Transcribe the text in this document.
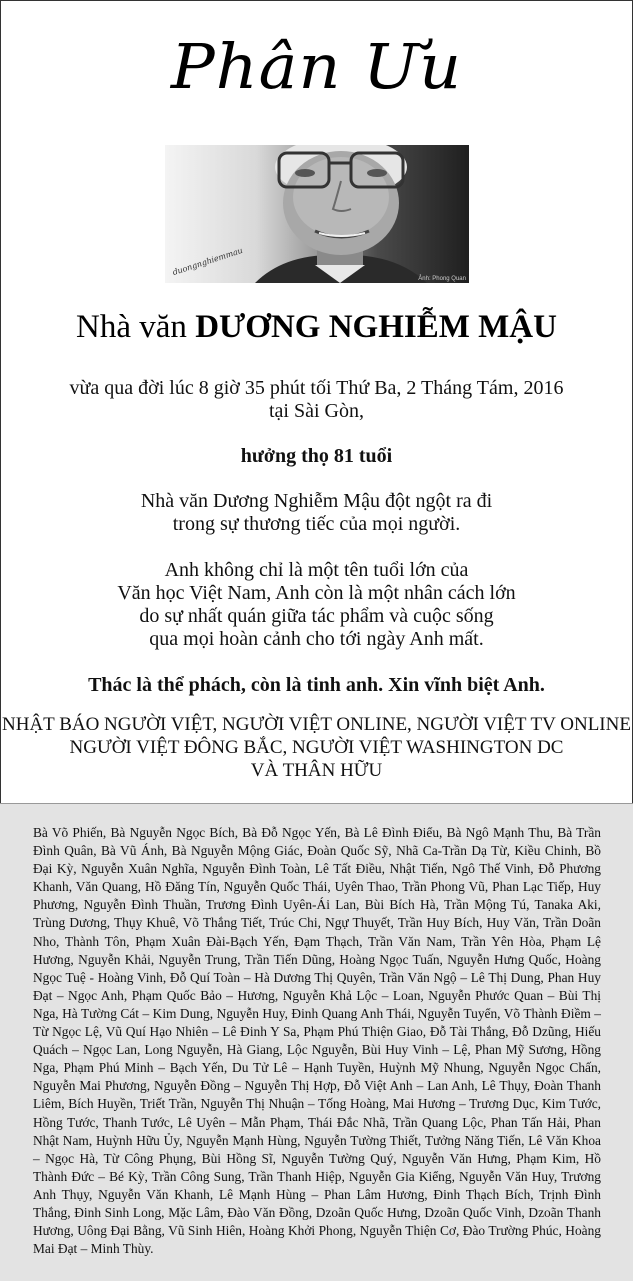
Phân Ưu
duongnghiemmau
Ảnh: Phong Quan
Nhà văn DƯƠNG NGHIỄM MẬU

vừa qua đời lúc 8 giờ 35 phút tối Thứ Ba, 2 Tháng Tám, 2016

tại Sài Gòn,

hưởng thọ 81 tuổi

Nhà văn Dương Nghiễm Mậu đột ngột ra đi

trong sự thương tiếc của mọi người.

Anh không chỉ là một tên tuổi lớn của

Văn học Việt Nam, Anh còn là một nhân cách lớn

do sự nhất quán giữa tác phẩm và cuộc sống

qua mọi hoàn cảnh cho tới ngày Anh mất.

Thác là thể phách, còn là tinh anh. Xin vĩnh biệt Anh.

NHẬT BÁO NGƯỜI VIỆT, NGƯỜI VIỆT ONLINE, NGƯỜI VIỆT TV ONLINE

NGƯỜI VIỆT ĐÔNG BẮC, NGƯỜI VIỆT WASHINGTON DC

VÀ THÂN HỮU

Bà Võ Phiến, Bà Nguyễn Ngọc Bích, Bà Đỗ Ngọc Yến, Bà Lê Đình Điểu, Bà Ngô Mạnh Thu, Bà Trần Đình Quân, Bà Vũ Ánh, Bà Nguyễn Mộng Giác, Đoàn Quốc Sỹ, Nhã Ca-Trần Dạ Từ, Kiều Chinh, Bồ Đại Kỳ, Nguyễn Xuân Nghĩa, Nguyễn Đình Toàn, Lê Tất Điều, Nhật Tiến, Ngô Thế Vinh, Đỗ Phương Khanh, Văn Quang, Hồ Đăng Tín, Nguyễn Quốc Thái, Uyên Thao, Trần Phong Vũ, Phan Lạc Tiếp, Huy Phương, Nguyễn Đình Thuần, Trương Đình Uyên-Ái Lan, Bùi Bích Hà, Trần Mộng Tú, Tanaka Aki, Trùng Dương, Thụy Khuê, Võ Thắng Tiết, Trúc Chi, Ngự Thuyết, Trần Huy Bích, Huy Văn, Trần Doãn Nho, Thành Tôn, Phạm Xuân Đài-Bạch Yến, Đạm Thạch, Trần Văn Nam, Trần Yên Hòa, Phạm Lệ Hương, Nguyễn Khải, Nguyễn Trung, Trần Tiến Dũng, Hoàng Ngọc Tuấn, Nguyễn Hưng Quốc, Hoàng Ngọc Tuệ - Hoàng Vinh, Đỗ Quí Toàn – Hà Dương Thị Quyên, Trần Văn Ngộ – Lê Thị Dung, Phan Huy Đạt – Ngọc Anh, Phạm Quốc Bảo – Hương, Nguyễn Khả Lộc – Loan, Nguyễn Phước Quan – Bùi Thị Nga, Hà Tường Cát – Kim Dung, Nguyễn Huy, Đinh Quang Anh Thái, Nguyễn Tuyển, Võ Thành Điềm – Từ Ngọc Lệ, Vũ Quí Hạo Nhiên – Lê Đinh Y Sa, Phạm Phú Thiện Giao, Đỗ Tài Thắng, Đỗ Dzũng, Hiếu Quách – Ngọc Lan, Long Nguyễn, Hà Giang, Lộc Nguyễn, Bùi Huy Vinh – Lệ, Phan Mỹ Sương, Hồng Nga, Phạm Phú Minh – Bạch Yến, Du Tử Lê – Hạnh Tuyền, Huỳnh Mỹ Nhung, Nguyễn Ngọc Chấn, Nguyễn Mai Phương, Nguyễn Đồng – Nguyễn Thị Hợp, Đỗ Việt Anh – Lan Anh, Lê Thụy, Đoàn Thanh Liêm, Bích Huyền, Triết Trần, Nguyễn Thị Nhuận – Tống Hoàng, Mai Hương – Trương Dục, Kim Tước, Hồng Tước, Thanh Tước, Lê Uyên – Mẫn Phạm, Thái Đắc Nhã, Trần Quang Lộc, Phan Tấn Hải, Phan Nhật Nam, Huỳnh Hữu Ủy, Nguyễn Mạnh Hùng, Nguyễn Tường Thiết, Tưởng Năng Tiến, Lê Văn Khoa – Ngọc Hà, Từ Công Phụng, Bùi Hồng Sĩ, Nguyễn Tường Quý, Nguyễn Văn Hưng, Phạm Kim, Hồ Thành Đức – Bé Kỳ, Trần Công Sung, Trần Thanh Hiệp, Nguyễn Gia Kiểng, Nguyễn Văn Huy, Trương Anh Thụy, Nguyễn Văn Khanh, Lê Mạnh Hùng – Phan Lâm Hương, Đinh Thạch Bích, Trịnh Đình Thắng, Đinh Sinh Long, Mặc Lâm, Đào Văn Đồng, Dzoãn Quốc Hưng, Dzoãn Quốc Vinh, Dzoãn Thanh Hương, Uông Đại Bằng, Vũ Sinh Hiên, Hoàng Khởi Phong, Nguyễn Thiện Cơ, Đào Trường Phúc, Hoàng Mai Đạt – Minh Thùy.
